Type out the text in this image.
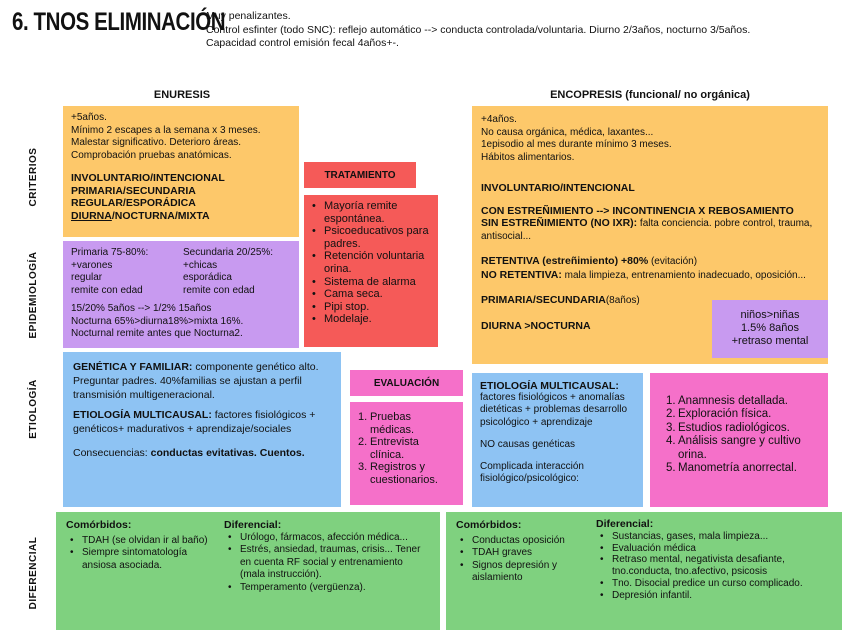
6. TNOS ELIMINACIÓN
Muy penalizantes.
Control esfinter (todo SNC): reflejo automático --> conducta controlada/voluntaria. Diurno 2/3años, nocturno 3/5años.
Capacidad control emisión fecal 4años+-.
ENURESIS	ENCOPRESIS (funcional/ no orgánica)
CRITERIOS
EPIDEMIOLOGÍA
ETIOLOGÍA
DIFERENCIAL
+5años.
Mínimo 2 escapes a la semana x 3 meses.
Malestar significativo. Deterioro áreas.
Comprobación pruebas anatómicas.
INVOLUNTARIO/INTENCIONAL
PRIMARIA/SECUNDARIA
REGULAR/ESPORÁDICA
DIURNA/NOCTURNA/MIXTA
Primaria 75-80%:
+varones
regular
remite con edad
Secundaria 20/25%:
+chicas
esporádica
remite con edad
15/20% 5años --> 1/2% 15años
Nocturna 65%>diurna18%>mixta 16%.
Nocturnal remite antes que Nocturna2.
TRATAMIENTO
• Mayoría remite espontánea.
• Psicoeducativos para padres.
• Retención voluntaria orina.
• Sistema de alarma
• Cama seca.
• Pipi stop.
• Modelaje.
GENÉTICA Y FAMILIAR: componente genético alto. Preguntar padres. 40%familias se ajustan a perfil transmisión multigeneracional.
ETIOLOGÍA MULTICAUSAL: factores fisiológicos + genéticos+ madurativos + aprendizaje/sociales
Consecuencias: conductas evitativas. Cuentos.
EVALUACIÓN
1. Pruebas médicas.
2. Entrevista clínica.
3. Registros y cuestionarios.
+4años.
No causa orgánica, médica, laxantes...
1episodio al mes durante mínimo 3 meses.
Hábitos alimentarios.
INVOLUNTARIO/INTENCIONAL
CON ESTREÑIMIENTO --> INCONTINENCIA X REBOSAMIENTO
SIN ESTREÑIMIENTO (NO IXR): falta conciencia. pobre control, trauma, antisocial...
RETENTIVA (estreñimiento) +80% (evitación)
NO RETENTIVA: mala limpieza, entrenamiento inadecuado, oposición...
PRIMARIA/SECUNDARIA(8años)
DIURNA >NOCTURNA
niños>niñas
1.5% 8años
+retraso mental
ETIOLOGÍA MULTICAUSAL:
factores fisiológicos + anomalías dietéticas + problemas desarrollo psicológico + aprendizaje
NO causas genéticas
Complicada interacción fisiológico/psicológico:
1. Anamnesis detallada.
2. Exploración física.
3. Estudios radiológicos.
4. Análisis sangre y cultivo orina.
5. Manometría anorrectal.
Comórbidos:
• TDAH (se olvidan ir al baño)
• Siempre sintomatología ansiosa asociada.
Diferencial:
• Urólogo, fármacos, afección médica...
• Estrés, ansiedad, traumas, crisis... Tener en cuenta RF social y entrenamiento (mala instrucción).
• Temperamento (vergüenza).
Comórbidos:
• Conductas oposición
• TDAH graves
• Signos depresión y aislamiento
Diferencial:
• Sustancias, gases, mala limpieza...
• Evaluación médica
• Retraso mental, negativista desafiante, tno.conducta, tno.afectivo, psicosis
• Tno. Disocial predice un curso complicado.
• Depresión infantil.
